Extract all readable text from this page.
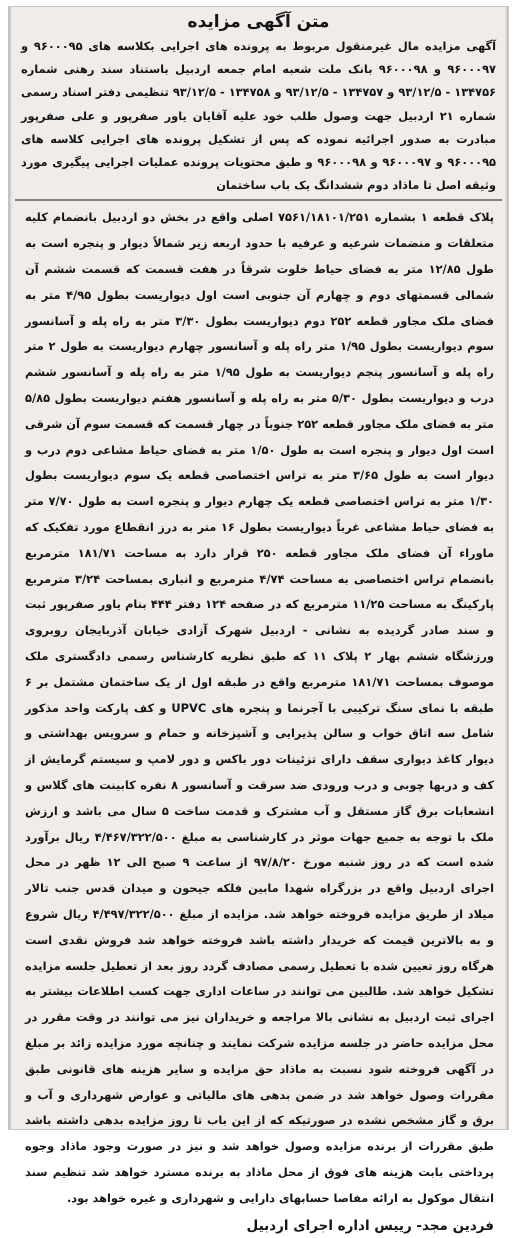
متن آگهی مزایده

آگهی مزایده مال غیرمنقول مربوط به پرونده های اجرایی بکلاسه های ۹۶۰۰۰۹۵ و ۹۶۰۰۰۹۷ و ۹۶۰۰۰۹۸ بانک ملت شعبه امام جمعه اردبیل باستناد سند رهنی شماره ۱۳۴۷۵۶ - ۹۳/۱۲/۵ و ۱۳۴۷۵۷ - ۹۳/۱۲/۵ و ۱۳۴۷۵۸ - ۹۳/۱۲/۵ تنظیمی دفتر اسناد رسمی شماره ۲۱ اردبیل جهت وصول طلب خود علیه آقایان یاور صفرپور و علی صفرپور مبادرت به صدور اجرائیه نموده که پس از تشکیل پرونده های اجرایی کلاسه های ۹۶۰۰۰۹۵ و ۹۶۰۰۰۹۷ و ۹۶۰۰۰۹۸ و طبق محتویات پرونده عملیات اجرایی پیگیری مورد وثیقه اصل تا ماذاد دوم ششدانگ یک باب ساختمان

پلاک قطعه ۱ بشماره ۷۵۶۱/۱۸۱۰۱/۲۵۱ اصلی واقع در بخش دو اردبیل بانضمام کلیه متعلقات و منضمات شرعیه و عرفیه با حدود اربعه زیر شمالاً دیوار و پنجره است به طول ۱۲/۸۵ متر به فضای حیاط خلوت شرقاً در هفت قسمت که قسمت ششم آن شمالی قسمتهای دوم و چهارم آن جنوبی است اول دیواریست بطول ۴/۹۵ متر به فضای ملک مجاور قطعه ۲۵۲ دوم دیواریست بطول ۳/۳۰ متر به راه پله و آسانسور سوم دیواریست بطول ۱/۹۵ متر راه پله و آسانسور چهارم دیواریست به طول ۲ متر راه پله و آسانسور پنجم دیواریست به طول ۱/۹۵ متر به راه پله و آسانسور ششم درب و دیواریست بطول ۵/۳۰ متر به راه پله و آسانسور هفتم دیواریست بطول ۵/۸۵ متر به فضای ملک مجاور قطعه ۲۵۲ جنوباً در چهار قسمت که قسمت سوم آن شرقی است اول دیوار و پنجره است به طول ۱/۵۰ متر به فضای حیاط مشاعی دوم درب و دیوار است به طول ۳/۶۵ متر به تراس اختصاصی قطعه یک سوم دیواریست بطول ۱/۳۰ متر به تراس اختصاصی قطعه یک چهارم دیوار و پنجره است به طول ۷/۷۰ متر به فضای حیاط مشاعی غرباً دیواریست بطول ۱۶ متر به درز انقطاع مورد تفکیک که ماوراء آن فضای ملک مجاور قطعه ۲۵۰ قرار دارد به مساحت ۱۸۱/۷۱ مترمربع بانضمام تراس اختصاصی به مساحت ۴/۷۴ مترمربع و انباری بمساحت ۳/۲۴ مترمربع پارکینگ به مساحت ۱۱/۲۵ مترمربع که در صفحه ۱۲۴ دفتر ۴۴۴ بنام یاور صفرپور ثبت و سند صادر گردیده به نشانی - اردبیل شهرک آزادی خیابان آذربایجان روبروی ورزشگاه ششم بهار ۲ پلاک ۱۱ که طبق نظریه کارشناس رسمی دادگستری ملک موصوف بمساحت ۱۸۱/۷۱ مترمربع واقع در طبقه اول از یک ساختمان مشتمل بر ۶ طبقه با نمای سنگ ترکیبی با آجرنما و پنجره های UPVC و کف پارکت واحد مذکور شامل سه اتاق خواب و سالن پذیرایی و آشپزخانه و حمام و سرویس بهداشتی و دیوار کاغذ دیواری سقف دارای تزئینات دور باکس و دور لامپ و سیستم گرمایش از کف و دربها چوبی و درب ورودی ضد سرقت و آسانسور ۸ نفره کابینت های گلاس و انشعابات برق گاز مستقل و آب مشترک و قدمت ساخت ۵ سال می باشد و ارزش ملک با توجه به جمیع جهات موثر در کارشناسی به مبلغ ۴/۴۶۷/۳۲۲/۵۰۰ ریال برآورد شده است که در روز شنبه مورخ ۹۷/۸/۲۰ از ساعت ۹ صبح الی ۱۲ ظهر در محل اجرای اردبیل واقع در بزرگراه شهدا مابین فلکه جیحون و میدان قدس جنب تالار میلاد از طریق مزایده فروخته خواهد شد. مزایده از مبلغ ۴/۴۹۷/۳۲۲/۵۰۰ ریال شروع و به بالاترین قیمت که خریدار داشته باشد فروخته خواهد شد فروش نقدی است هرگاه روز تعیین شده با تعطیل رسمی مصادف گردد روز بعد از تعطیل جلسه مزایده تشکیل خواهد شد. طالبین می توانند در ساعات اداری جهت کسب اطلاعات بیشتر به اجرای ثبت اردبیل به نشانی بالا مراجعه و خریداران نیز می توانند در وقت مقرر در محل مزایده حاضر در جلسه مزایده شرکت نمایند و چنانچه مورد مزایده زائد بر مبلغ در آگهی فروخته شود نسبت به ماذاد حق مزایده و سایر هزینه های قانونی طبق مقررات وصول خواهد شد در ضمن بدهی های مالیاتی و عوارض شهرداری و آب و برق و گاز مشخص نشده در صورتیکه که از این باب تا روز مزایده بدهی داشته باشد طبق مقررات از برنده مزایده وصول خواهد شد و نیز در صورت وجود ماذاد وجوه پرداختی بابت هزینه های فوق از محل ماذاد به برنده مسترد خواهد شد تنظیم سند انتقال موکول به ارائه مفاصا حسابهای دارایی و شهرداری و غیره خواهد بود.

فردین مجد- رییس اداره اجرای اردبیل
